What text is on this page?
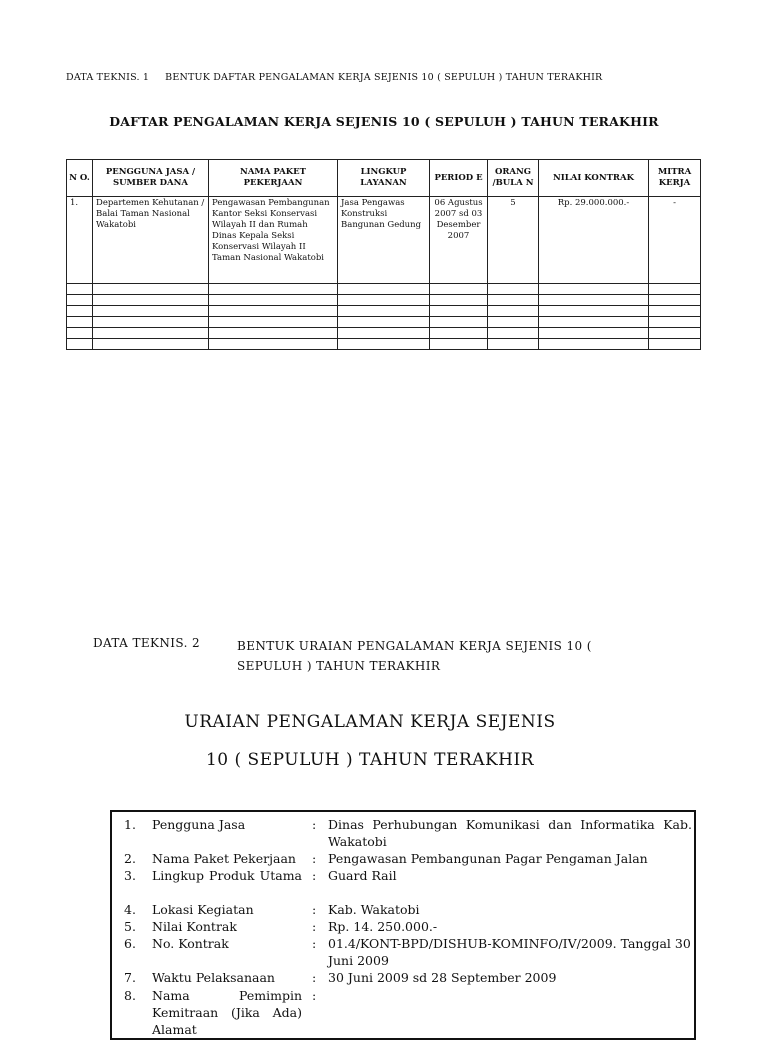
DATA TEKNIS. 1 BENTUK DAFTAR PENGALAMAN KERJA SEJENIS 10 ( SEPULUH ) TAHUN TERAKHIR
DAFTAR PENGALAMAN KERJA SEJENIS 10 ( SEPULUH ) TAHUN TERAKHIR
N O.	PENGGUNA JASA / SUMBER DANA	NAMA PAKET PEKERJAAN	LINGKUP LAYANAN	PERIOD E	ORANG /BULA N	NILAI KONTRAK	MITRA KERJA
1.	Departemen Kehutanan / Balai Taman Nasional Wakatobi	Pengawasan Pembangunan Kantor Seksi Konservasi Wilayah II dan Rumah Dinas Kepala Seksi Konservasi Wilayah II Taman Nasional Wakatobi	Jasa Pengawas Konstruksi Bangunan Gedung	06 Agustus 2007 sd 03 Desember 2007	5	Rp. 29.000.000.-	-

DATA TEKNIS. 2	BENTUK URAIAN PENGALAMAN KERJA SEJENIS 10 (
SEPULUH ) TAHUN TERAKHIR
URAIAN PENGALAMAN KERJA SEJENIS
10 ( SEPULUH ) TAHUN TERAKHIR
1. Pengguna Jasa	: Dinas Perhubungan Komunikasi dan Informatika Kab. Wakatobi
2. Nama Paket Pekerjaan	: Pengawasan Pembangunan Pagar Pengaman Jalan
3. Lingkup Produk Utama : Guard Rail
4. Lokasi Kegiatan	: Kab. Wakatobi
5. Nilai Kontrak	: Rp. 14. 250.000.-
6. No. Kontrak	: 01.4/KONT-BPD/DISHUB-KOMINFO/IV/2009. Tanggal 30 Juni 2009
7. Waktu Pelaksanaan	: 30 Juni 2009 sd 28 September 2009
8. Nama Pemimpin Kemitraan (Jika Ada) Alamat
:
